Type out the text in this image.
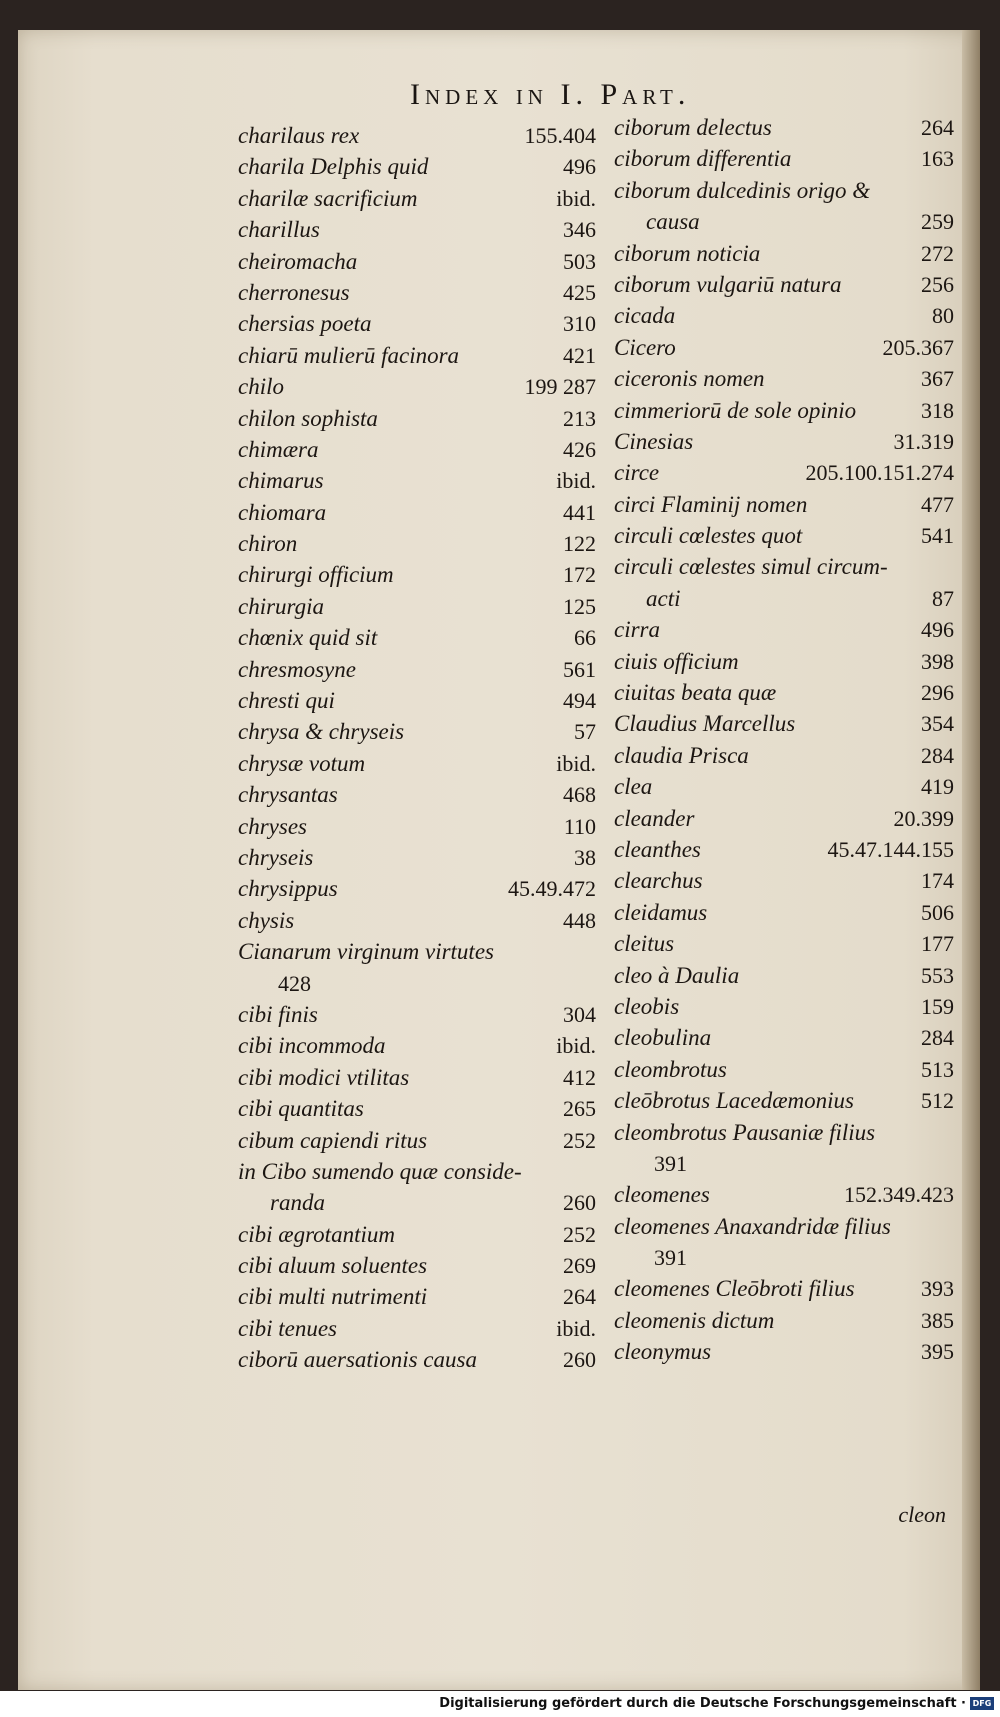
Index in I. Part.
charilaus rex	155.404
charila Delphis quid	496
charilæ sacrificium	ibid.
charillus	346
cheiromacha	503
cherronesus	425
chersias poeta	310
chiarū mulierū facinora	421
chilo	199 287
chilon sophista	213
chimæra	426
chimarus	ibid.
chiomara	441
chiron	122
chirurgi officium	172
chirurgia	125
chœnix quid sit	66
chresmosyne	561
chresti qui	494
chrysa & chryseis	57
chrysæ votum	ibid.
chrysantas	468
chryses	110
chryseis	38
chrysippus	45.49.472
chysis	448
Cianarum virginum virtutes
428
cibi finis	304
cibi incommoda	ibid.
cibi modici vtilitas	412
cibi quantitas	265
cibum capiendi ritus	252
in Cibo sumendo quæ conside-
randa	260
cibi ægrotantium	252
cibi aluum soluentes	269
cibi multi nutrimenti	264
cibi tenues	ibid.
ciborū auersationis causa	260
ciborum delectus	264
ciborum differentia	163
ciborum dulcedinis origo &
causa	259
ciborum noticia	272
ciborum vulgariū natura	256
cicada	80
Cicero	205.367
ciceronis nomen	367
cimmeriorū de sole opinio	318
Cinesias	31.319
circe	205.100.151.274
circi Flaminij nomen	477
circuli cœlestes quot	541
circuli cœlestes simul circum-
acti	87
cirra	496
ciuis officium	398
ciuitas beata quæ	296
Claudius Marcellus	354
claudia Prisca	284
clea	419
cleander	20.399
cleanthes	45.47.144.155
clearchus	174
cleidamus	506
cleitus	177
cleo à Daulia	553
cleobis	159
cleobulina	284
cleombrotus	513
cleōbrotus Lacedæmonius	512
cleombrotus Pausaniæ filius
391
cleomenes	152.349.423
cleomenes Anaxandridæ filius
391
cleomenes Cleōbroti filius	393
cleomenis dictum	385
cleonymus	395
cleon
Digitalisierung gefördert durch die Deutsche Forschungsgemeinschaft · DFG
